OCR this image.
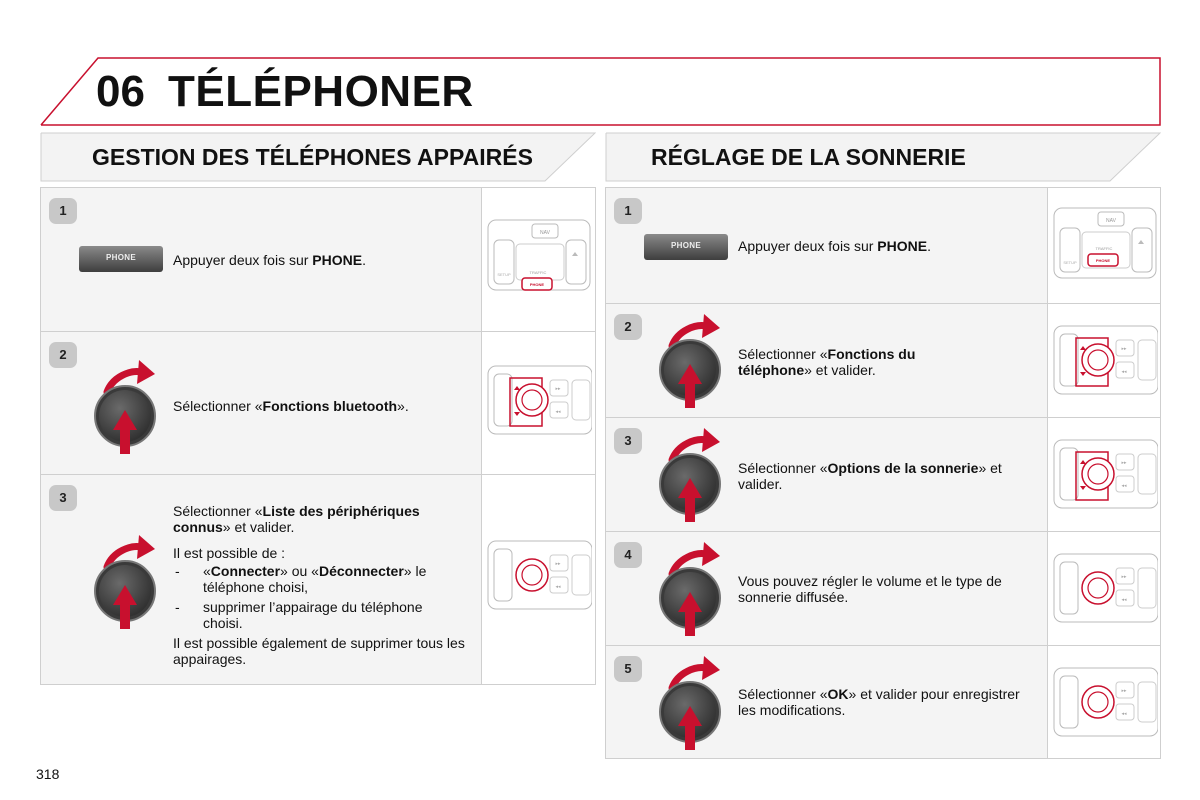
06 TÉLÉPHONER
GESTION DES TÉLÉPHONES APPAIRÉS	RÉGLAGE DE LA SONNERIE
1
PHONE	Appuyer deux fois sur PHONE.
NAV
TRAFFIC
PHONE
SETUP
2
Sélectionner «Fonctions bluetooth».
▸▸
◂◂
3

Sélectionner «Liste des périphériques connus» et valider.

Il est possible de :

- «Connecter» ou «Déconnecter» le téléphone choisi,
- supprimer l’appairage du téléphone choisi.

Il est possible également de supprimer tous les appairages.

▸▸
◂◂
1
PHONE	Appuyer deux fois sur PHONE.
NAV
TRAFFIC
PHONE
SETUP
2
Sélectionner «Fonctions du téléphone» et valider.
▸▸
◂◂
3
Sélectionner «Options de la sonnerie» et valider.
▸▸
◂◂
4
Vous pouvez régler le volume et le type de sonnerie diffusée.
▸▸
◂◂
5
Sélectionner «OK» et valider pour enregistrer les modifications.
▸▸
◂◂
318
